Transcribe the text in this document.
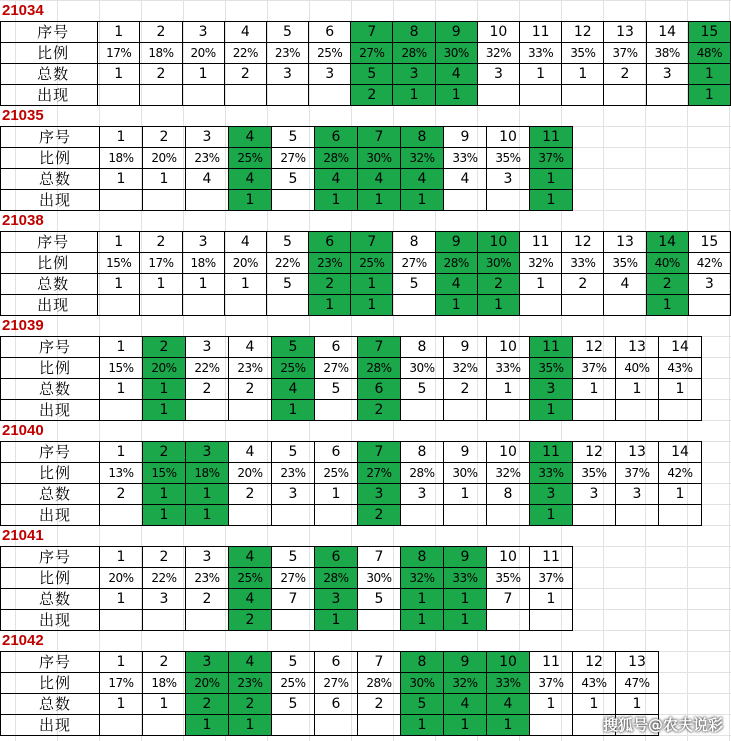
21034
序号	1	2	3	4	5	6	7	8	9	10	11	12	13	14	15
比例	17%	18%	20%	22%	23%	25%	27%	28%	30%	32%	33%	35%	37%	38%	48%
总数	1	2	1	2	3	3	5	3	4	3	1	1	2	3	1
出现							2	1	1						1
21035
序号	1	2	3	4	5	6	7	8	9	10	11
比例	18%	20%	23%	25%	27%	28%	30%	32%	33%	35%	37%
总数	1	1	4	4	5	4	4	4	4	3	1
出现				1		1	1	1			1
21038
序号	1	2	3	4	5	6	7	8	9	10	11	12	13	14	15
比例	15%	17%	18%	20%	22%	23%	25%	27%	28%	30%	32%	33%	35%	40%	42%
总数	1	1	1	1	5	2	1	5	4	2	1	2	4	2	3
出现						1	1		1	1				1	
21039
序号	1	2	3	4	5	6	7	8	9	10	11	12	13	14
比例	15%	20%	22%	23%	25%	27%	28%	30%	32%	33%	35%	37%	40%	43%
总数	1	1	2	2	4	5	6	5	2	1	3	1	1	1
出现		1			1		2				1			
21040
序号	1	2	3	4	5	6	7	8	9	10	11	12	13	14
比例	13%	15%	18%	20%	23%	25%	27%	28%	30%	32%	33%	35%	37%	42%
总数	2	1	1	2	3	1	3	3	1	8	3	3	3	1
出现		1	1				2				1			
21041
序号	1	2	3	4	5	6	7	8	9	10	11
比例	20%	22%	23%	25%	27%	28%	30%	32%	33%	35%	37%
总数	1	3	2	4	7	3	5	1	1	7	1
出现				2		1		1	1		
21042
序号	1	2	3	4	5	6	7	8	9	10	11	12	13
比例	17%	18%	20%	23%	25%	27%	28%	30%	32%	33%	37%	43%	47%
总数	1	1	2	2	5	6	2	5	4	4	1	1	1
出现			1	1				1	1	1				搜狐号@农夫说彩
